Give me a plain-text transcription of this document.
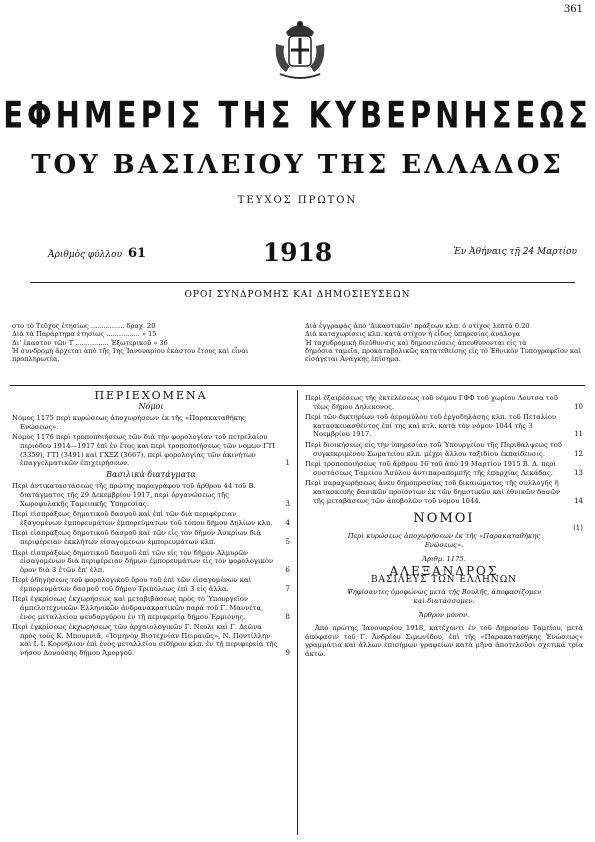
361
ΕΦΗΜΕΡΙΣ ΤΗΣ ΚΥΒΕΡΝΗΣΕΩΣ
ΤΟΥ ΒΑΣΙΛΕΙΟΥ ΤΗΣ ΕΛΛΑΔΟΣ
ΤΕΥΧΟΣ ΠΡΩΤΟΝ
Ἀριθμὸς φύλλου 61	1918	Ἐν Ἀθήναις τῇ 24 Μαρτίου
ΟΡΟΙ ΣΥΝΔΡΟΜΗΣ ΚΑΙ ΔΗΜΟΣΙΕΥΣΕΩΝ
στο τὸ Τεῦχος ἐτησίως ................ δραχ. 20
Διὰ τὰ Παράρτημα ἐτησίως ................ » 15
Δι' ἑκαστον τῶν Τ ................ Ἐξωτερικοῦ » 36
Ἡ συνδρομὴ ἄρχεται ἀπὸ τῆς 1ης Ἰανουαρίου ἑκάστου ἔτους καὶ εἶναι προπληρωτέα.
Διὰ ἐγγραφὰς ἀπὸ 'Δικαστικῶν' πράξεων κλπ. ὁ στίχος λεπτὰ 0.20
Διὰ καταχωρίσεις κλπ. κατὰ στίχον ἡ εἶδος ὑπηρεσίας ἀνάλογα
Ἡ ταχυδρομικὴ διεύθυνσις καὶ δημοσιεύσεις ἀπευθύνονται εἰς τὰ
δημόσια ταμεῖα, προκαταβολικῶς κατατεθείσης εἰς τὸ Ἐθνικὸν Τυπογραφεῖον καὶ εἰσάγεται Ἀνάγκης ἐπίσημα.
ΠΕΡΙΕΧΟΜΕΝΑ
Νόμοι
Νόμος 1175 περὶ κυρώσεως ἀποχωρήσεων ἐκ τῆς «Παρακαταθήκης Ενώσεως».
Νόμος 1176 περὶ τροποποιήσεως τῶν διὰ τὴν φορολογίαν τοῦ πετρελαίου περιόδου 1914—1917 ἐπὶ ἐν ἔτος καὶ περὶ τροποποιήσεως τῶν νόμων ΓΤΙ (3359), ΓΤΙ (3491) καὶ ΓΧΞΖ (3667), περὶ φορολογίας τῶν ἀκινήτων ἐπαγγελματικῶν ἐπιχειρήσεων.	1
Βασιλικὰ διατάγματα
Περὶ ἀντικαταστάσεως τῆς πρώτης παραγράφου τοῦ ἄρθρου 44 τοῦ Β. διατάγματος τῆς 29 Δεκεμβρίου 1917, περὶ ὀργανώσεως τῆς Χωροφυλακῆς Ταμειακῆς Ὑπηρεσίας.	3
Περὶ εἰσπράξεως δημοτικοῦ δασμοῦ καὶ ἐπὶ τῶν διὰ περιφέρειαν ἐξαγομένων ἐμπορευμάτων ἐμπορεύματων τοῦ τόπου δήμου Δηλίων κλπ. 4
Περὶ εἰσπράξεως δημοτικοῦ δασμοῦ καὶ τῶν εἰς τὸν δῆμον Ἀσκρίων διὰ περιφέρειαν ἐκκλήτων εἰσαγομένων ἐμπορευμάτων κλπ.	5
Περὶ εἰσπράξεως δημοτικοῦ δασμοῦ ἐπὶ τῶν εἰς τὸν δῆμον Ἀλμυρῶν εἰσαγομένων διὰ περιφέρειαν δήμων ἐμπορευμάτων εἰς τὸν φορολογικὸν ὅρον διὰ 3 ἐτῶν ἐπ' ἐλπ.	6
Περὶ ὁδηγήσεως τοῦ φορολογικοῦ ὅρου τοῦ ἐπὶ τῶν εἰσαγομένων καὶ ἐμπορευμάτων δασμοῦ τοῦ δήμου Τριπόλεως ἐπὶ 3 εἰς ἄλλα.	7
Περὶ ἐγκρίσεως ἐκχωρήσεως καὶ μεταβιβάσεως πρὸς τὸ Ὑπουργεῖον ἀμπελοτεχνικῶν Ἑλληνικῶν ἀνδρανακρατικῶν παρὰ τοῦ Γ. Μαννέτα, ἑνὸς μεταλλείου ψευδαργύρου ἐν τῇ περιφερείᾳ δήμου Ἐρμιόνης.	8
Περὶ ἐγκρίσεως ἐκχωρήσεως τῶν ἀρχαιολογικῶν Γ. Νεολι καὶ Γ. Δεῶνα πρὸς τοὺς Κ. Μπουρνιᾶ, «Ἰσμηνὸν Βιοτεχνίαν Πειραιῶς», Ν. Ποντίλλην καὶ Ι. Ι. Κορνήλιον ἐπὶ ἑνὸς μεταλλείου σιδήρου κλπ. ἐν τῇ περιφερείᾳ τῆς νήσου Δονούσης δήμου Ἀμοργοῦ.	9
Περὶ ἐξαιρέσεως τῆς ἐκτελέσεως τοῦ νόμου ΓΦΦ τοῦ χωρίου Λουτσα τοῦ τέως δήμου Δηλεκονος.	10
Περὶ τῶν δικτηρίων τοῦ ἀερομύλου τοῦ ἐργοδηλάσης κλπ. τοῦ Πεταλίου κατασκευασθέντος ἐπί της καὶ κτλ. κατὰ τὸν νόμον 1044 τῆς 3 Νοεμβρίου 1917.	11
Περὶ διοικήσεως εἰς τὴν ὑπηρεσίαν τοῦ Ὑπουργείου τῆς Περιθάλψεως τοῦ συγκεκριμένου Σωματείου κλπ. μέχρι ἄλλου ταξιδίου ἐκπαίδευσις.	12
Περὶ τροποποιήσεως τοῦ ἄρθρου 16 τοῦ ἀπὸ 19 Μαρτίου 1915 Β. Δ. περὶ συστάσεως Ταμείου Ἀσύλου ἀντιπαραπομπῆς τῆς ἐπαρχίας Λεκάδας.	13
Περὶ παραχωρήσεως ἄνευ δημοπρασίας τοῦ δικαιώματος τῆς συλλογῆς ἢ κατασκευῆς δασικῶν προϊόντων ἐκ τῶν δημοτικῶν καὶ ἐθνικῶν δασῶν τῆς μεταβάσεως τῶν ἀποβολῶν τοῦ νόμου 1044.	14
ΝΟΜΟΙ
(1)
Περὶ κυρώσεως ἀποχωρήσεων ἐκ τῆς «Παρακαταθήκης
Ενώσεως».
Ἀριθμ. 1175.
ΑΛΕΞΑΝΔΡΟΣ
ΒΑΣΙΛΕΥΣ ΤΩΝ ΕΛΛΗΝΩΝ
Ψηφίσαντες ὁμοφώνως μετὰ τῆς Βουλῆς, ἀποφασίζομεν
καὶ διατάσσομεν.
Ἄρθρον μόνον.
Ἀπὸ πρώτης Ἰανουαρίου 1918, κατέχοντι ἐν τοῦ Δημοσίου Ταμείου, μετὰ ἀπόφασιν τοῦ Γ. Ἀνδρέου Σιμωνίδου, ἐπὶ τῆς «Παρακαταθήκης Ἑνώσεως» γραμμάτια καὶ ἄλλων ἐπισήμων γραφείων κατὰ μῆνα ἀποτελοῦσι σχετικά τρία ἀκτὼ.
